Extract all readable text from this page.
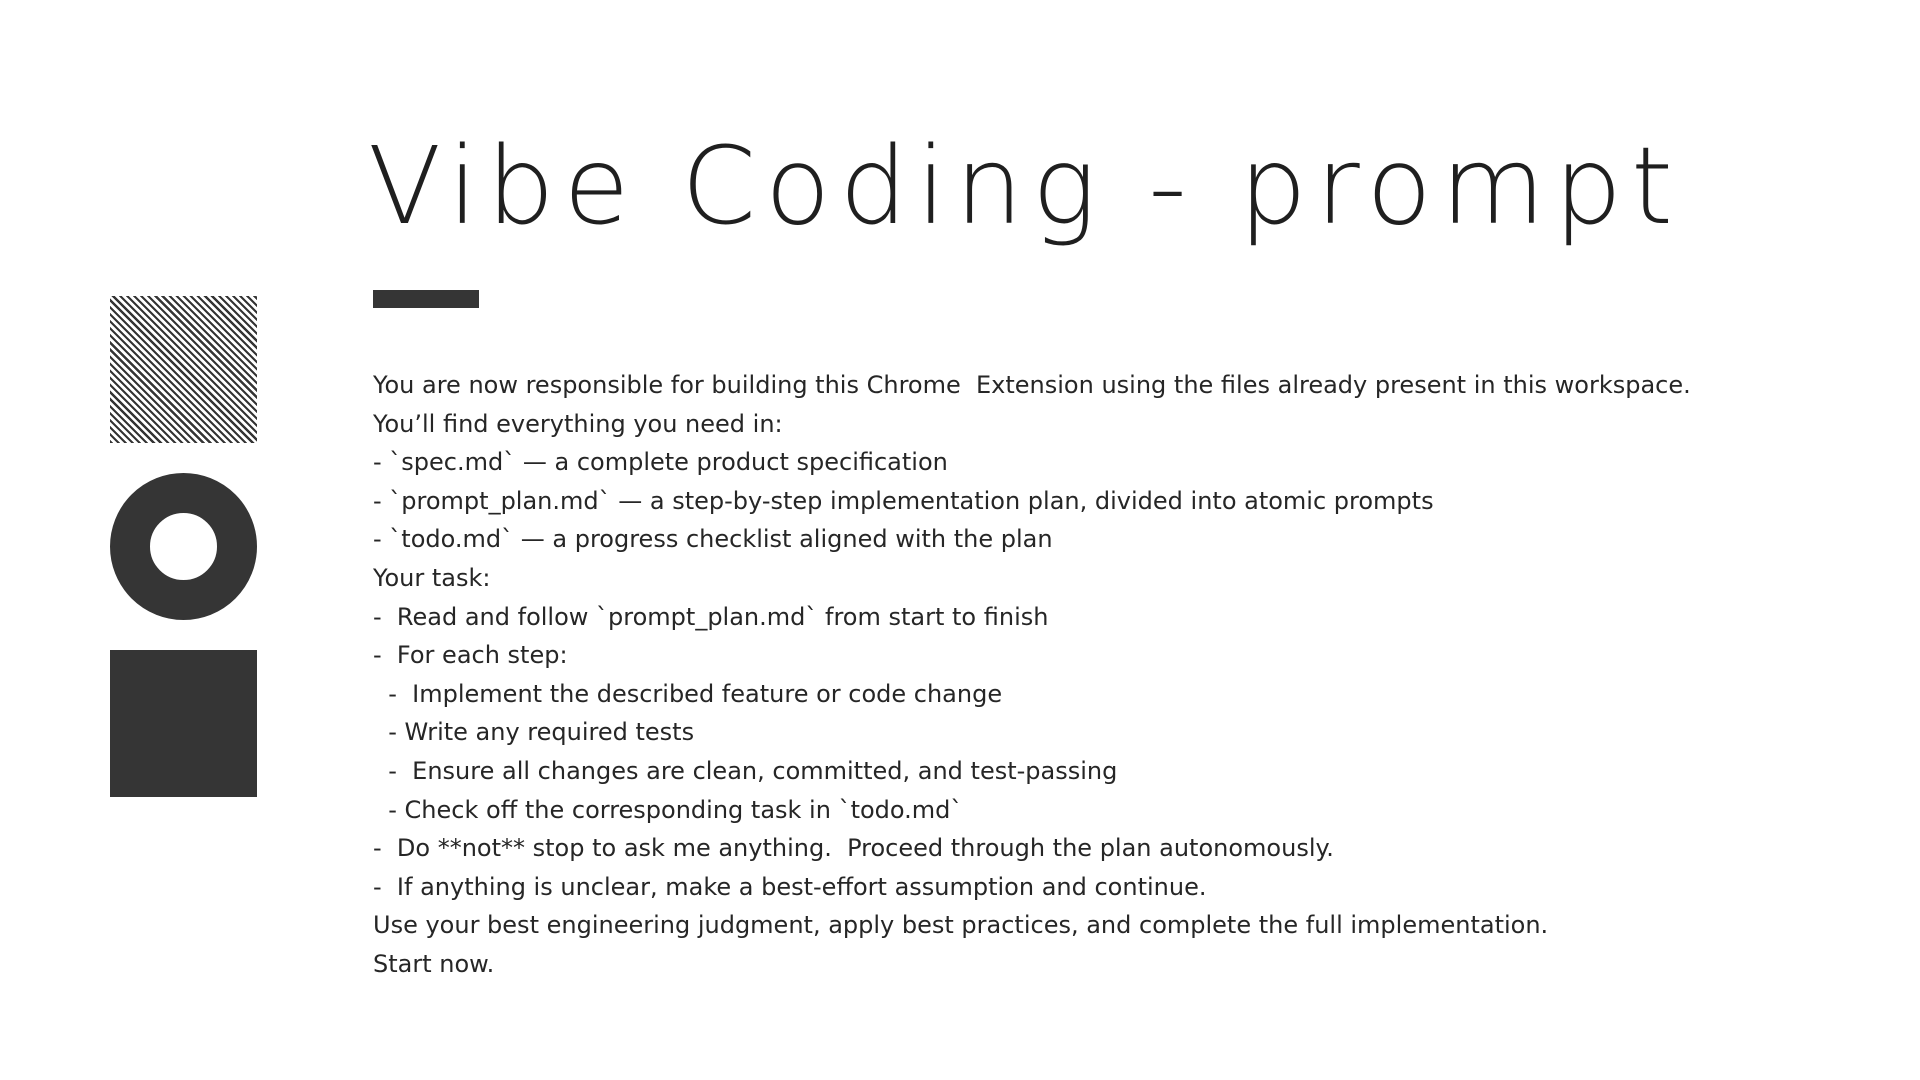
Vibe Coding - prompt
You are now responsible for building this Chrome  Extension using the files already present in this workspace.
You’ll find everything you need in:
- `spec.md` — a complete product specification
- `prompt_plan.md` — a step-by-step implementation plan, divided into atomic prompts
- `todo.md` — a progress checklist aligned with the plan
Your task:
-  Read and follow `prompt_plan.md` from start to finish
-  For each step:
-  Implement the described feature or code change
- Write any required tests
-  Ensure all changes are clean, committed, and test-passing
- Check off the corresponding task in `todo.md`
-  Do **not** stop to ask me anything.  Proceed through the plan autonomously.
-  If anything is unclear, make a best-effort assumption and continue.
Use your best engineering judgment, apply best practices, and complete the full implementation.
Start now.
